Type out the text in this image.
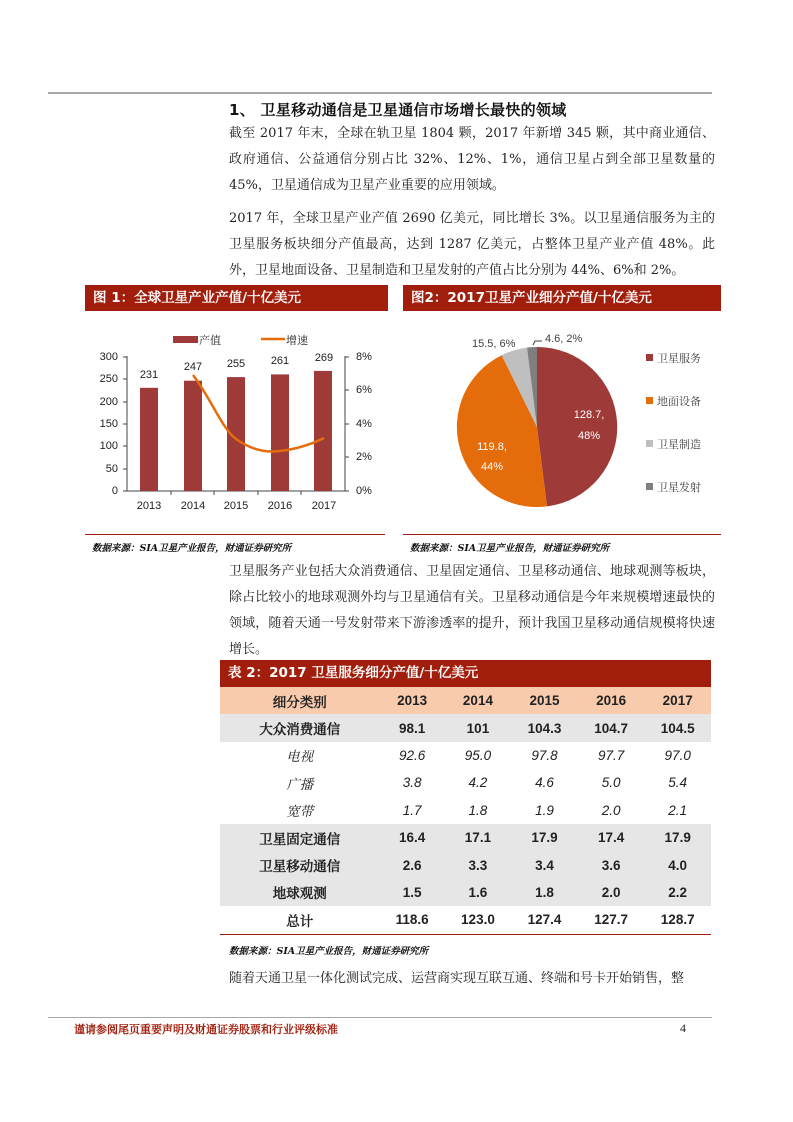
1、 卫星移动通信是卫星通信市场增长最快的领域
截至 2017 年末，全球在轨卫星 1804 颗，2017 年新增 345 颗，其中商业通信、政府通信、公益通信分别占比 32%、12%、1%，通信卫星占到全部卫星数量的 45%，卫星通信成为卫星产业重要的应用领域。
2017 年，全球卫星产业产值 2690 亿美元，同比增长 3%。以卫星通信服务为主的卫星服务板块细分产值最高，达到 1287 亿美元，占整体卫星产业产值 48%。此外，卫星地面设备、卫星制造和卫星发射的产值占比分别为 44%、6%和 2%。
图 1：全球卫星产业产值/十亿美元
产值	增速
0
50
100
150
200
250
300
0%
2%
4%
6%
8%
231
247 255 261 269
2013 2014 2015 2016 2017
数据来源：SIA卫星产业报告，财通证券研究所
图2：2017卫星产业细分产值/十亿美元
128.7,
48%
119.8,
44%
15.5, 6%	4.6, 2%
卫星服务
地面设备
卫星制造
卫星发射
数据来源：SIA卫星产业报告，财通证券研究所
卫星服务产业包括大众消费通信、卫星固定通信、卫星移动通信、地球观测等板块，除占比较小的地球观测外均与卫星通信有关。卫星移动通信是今年来规模增速最快的领域，随着天通一号发射带来下游渗透率的提升，预计我国卫星移动通信规模将快速增长。
表 2：2017 卫星服务细分产值/十亿美元
细分类别	2013	2014	2015	2016	2017
大众消费通信	98.1	101	104.3	104.7	104.5
电视	92.6	95.0	97.8	97.7	97.0
广播	3.8	4.2	4.6	5.0	5.4
宽带	1.7	1.8	1.9	2.0	2.1
卫星固定通信	16.4	17.1	17.9	17.4	17.9
卫星移动通信	2.6	3.3	3.4	3.6	4.0
地球观测	1.5	1.6	1.8	2.0	2.2
总计	118.6	123.0	127.4	127.7	128.7
数据来源：SIA卫星产业报告，财通证券研究所
随着天通卫星一体化测试完成、运营商实现互联互通、终端和号卡开始销售，整
谨请参阅尾页重要声明及财通证券股票和行业评级标准	4
